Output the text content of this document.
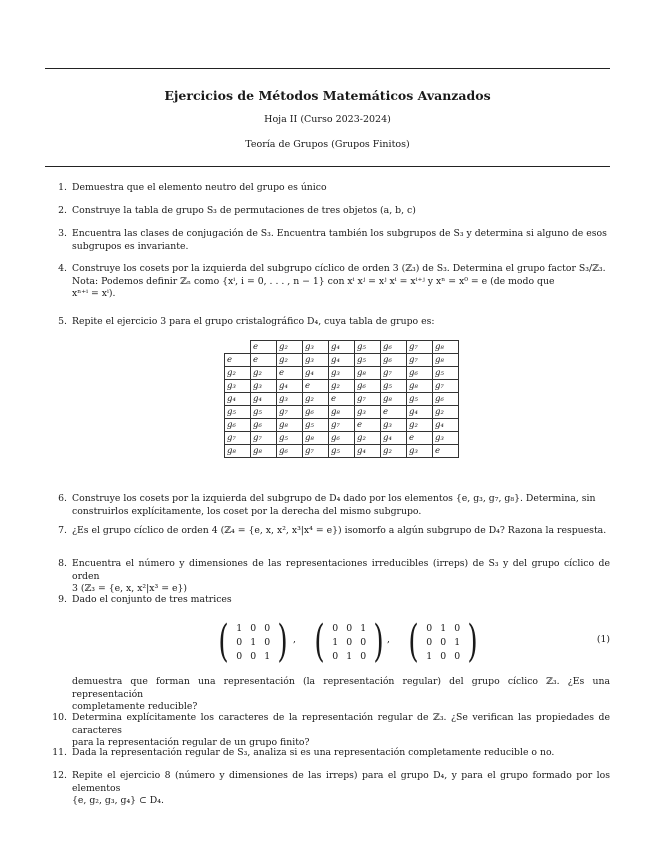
Ejercicios de Métodos Matemáticos Avanzados
Hoja II (Curso 2023-2024)
Teoría de Grupos (Grupos Finitos)
1. Demuestra que el elemento neutro del grupo es único
2. Construye la tabla de grupo S₃ de permutaciones de tres objetos (a, b, c)
3. Encuentra las clases de conjugación de S₃. Encuentra también los subgrupos de S₃ y determina si alguno de esos
subgrupos es invariante.
4. Construye los cosets por la izquierda del subgrupo cíclico de orden 3 (ℤ₃) de S₃. Determina el grupo factor S₃/ℤ₃.
Nota: Podemos definir ℤₙ como {xⁱ, i = 0, . . . , n − 1} con xⁱ xʲ = xʲ xⁱ = xⁱ⁺ʲ y xⁿ = x⁰ = e (de modo que
xⁿ⁺ⁱ = xⁱ).
5. Repite el ejercicio 3 para el grupo cristalográfico D₄, cuya tabla de grupo es:
6. Construye los cosets por la izquierda del subgrupo de D₄ dado por los elementos {e, g₃, g₇, g₈}. Determina, sin
construirlos explícitamente, los coset por la derecha del mismo subgrupo.
7. ¿Es el grupo cíclico de orden 4 (ℤ₄ = {e, x, x², x³|x⁴ = e}) isomorfo a algún subgrupo de D₄? Razona la respuesta.
8. Encuentra el número y dimensiones de las representaciones irreducibles (irreps) de S₃ y del grupo cíclico de orden
3 (ℤ₃ = {e, x, x²|x³ = e})
9. Dado el conjunto de tres matrices
demuestra que forman una representación (la representación regular) del grupo cíclico ℤ₃. ¿Es una representación
completamente reducible?
10. Determina explícitamente los caracteres de la representación regular de ℤ₃. ¿Se verifican las propiedades de caracteres
para la representación regular de un grupo finito?
11. Dada la representación regular de S₃, analiza si es una representación completamente reducible o no.
12. Repite el ejercicio 8 (número y dimensiones de las irreps) para el grupo D₄, y para el grupo formado por los elementos
{e, g₂, g₃, g₄} ⊂ D₄.
	e	g₂	g₃	g₄	g₅	g₆	g₇	g₈
e	e	g₂	g₃	g₄	g₅	g₆	g₇	g₈
g₂	g₂	e	g₄	g₃	g₈	g₇	g₆	g₅
g₃	g₃	g₄	e	g₂	g₆	g₅	g₈	g₇
g₄	g₄	g₃	g₂	e	g₇	g₈	g₅	g₆
g₅	g₅	g₇	g₆	g₈	g₃	e	g₄	g₂
g₆	g₆	g₈	g₅	g₇	e	g₃	g₂	g₄
g₇	g₇	g₅	g₈	g₆	g₂	g₄	e	g₃
g₈	g₈	g₆	g₇	g₅	g₄	g₂	g₃	e
( 1 0 0
0 1 0
0 0 1 ) , ( 0 0 1
1 0 0
0 1 0 ) , ( 0 1 0
0 0 1
1 0 0 )	(1)
